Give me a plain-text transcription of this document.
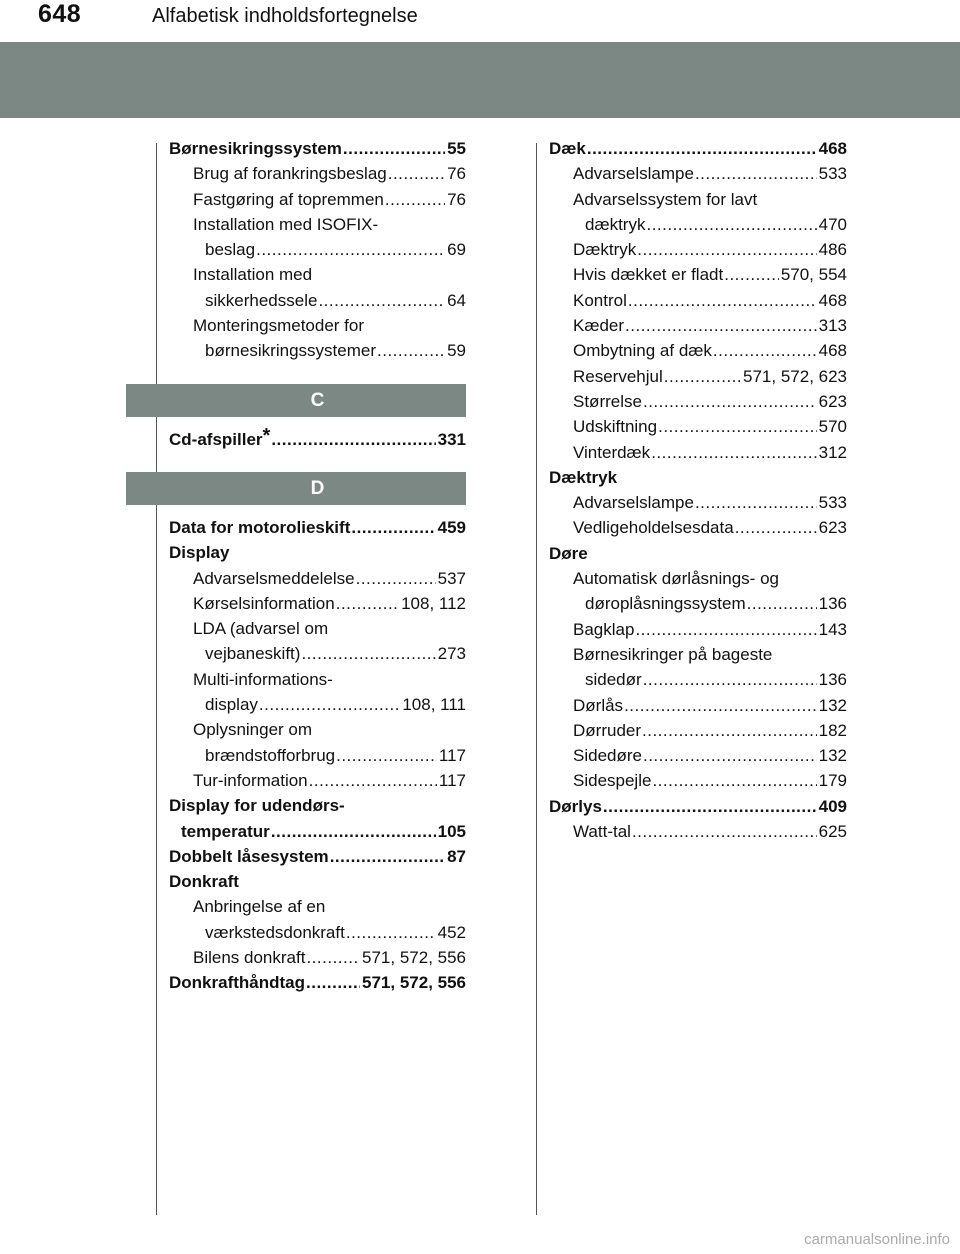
648	Alfabetisk indholdsfortegnelse
Børnesikringssystem .....	55
Brug af forankringsbeslag .....	76
Fastgøring af topremmen .....	76
Installation med ISOFIX-
beslag .....	69
Installation med
sikkerhedssele .....	64
Monteringsmetoder for
børnesikringssystemer .....	59
C
Cd-afspiller* .....	331
D
Data for motorolieskift .....	459
Display
Advarselsmeddelelse .....	537
Kørselsinformation .....	108, 112
LDA (advarsel om
vejbaneskift) .....	273
Multi-informations-
display .....	108, 111
Oplysninger om
brændstofforbrug .....	117
Tur-information .....	117
Display for udendørs-
temperatur .....	105
Dobbelt låsesystem .....	87
Donkraft
Anbringelse af en
værkstedsdonkraft .....	452
Bilens donkraft .....	571, 572, 556
Donkrafthåndtag .....	571, 572, 556
Dæk .....	468
Advarselslampe .....	533
Advarselssystem for lavt
dæktryk .....	470
Dæktryk .....	486
Hvis dækket er fladt .....	570, 554
Kontrol .....	468
Kæder .....	313
Ombytning af dæk .....	468
Reservehjul .....	571, 572, 623
Størrelse .....	623
Udskiftning .....	570
Vinterdæk .....	312
Dæktryk
Advarselslampe .....	533
Vedligeholdelsesdata .....	623
Døre
Automatisk dørlåsnings- og
døroplåsningssystem .....	136
Bagklap .....	143
Børnesikringer på bageste
sidedør .....	136
Dørlås .....	132
Dørruder .....	182
Sidedøre .....	132
Sidespejle .....	179
Dørlys .....	409
Watt-tal .....	625
carmanualsonline.info
